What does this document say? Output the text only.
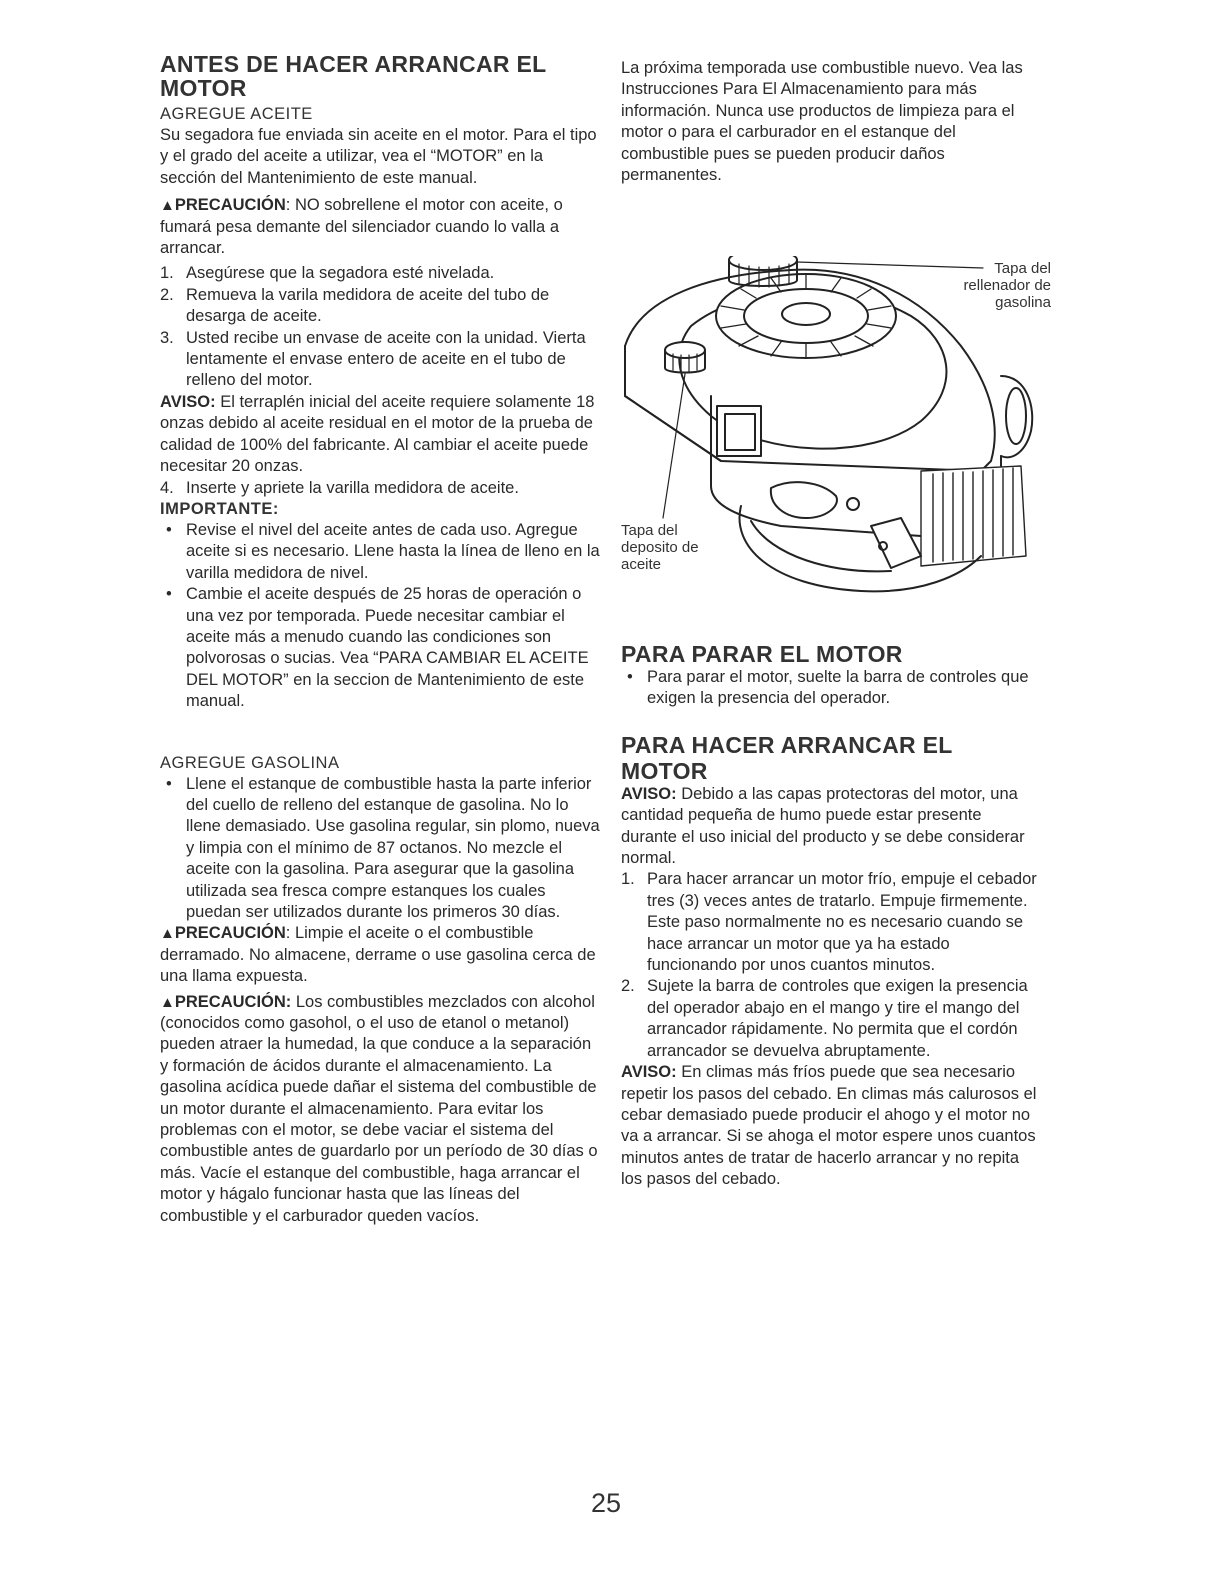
ANTES DE HACER ARRANCAR EL MOTOR
AGREGUE ACEITE

Su segadora fue enviada sin aceite en el motor. Para el tipo y el grado del aceite a utilizar, vea el “MOTOR” en la sección del Mantenimiento de este manual.

▲PRECAUCIÓN: NO sobrellene el motor con aceite, o fumará pesa demante del silenciador cuando lo valla a arrancar.

1. Asegúrese que la segadora esté nivelada.
2. Remueva la varila medidora de aceite del tubo de desarga de aceite.
3. Usted recibe un envase de aceite con la unidad. Vierta lentamente el envase entero de aceite en el tubo de relleno del motor.

AVISO: El terraplén inicial del aceite requiere solamente 18 onzas debido al aceite residual en el motor de la prueba de calidad de 100% del fabricante. Al cambiar el aceite puede necesitar 20 onzas.

4. Inserte y apriete la varilla medidora de aceite.
IMPORTANTE:
• Revise el nivel del aceite antes de cada uso. Agregue aceite si es necesario. Llene hasta la línea de lleno en la varilla medidora de nivel.
• Cambie el aceite después de 25 horas de operación o una vez por temporada. Puede necesitar cambiar el aceite más a menudo cuando las condiciones son polvorosas o sucias. Vea “PARA CAMBIAR EL ACEITE DEL MOTOR” en la seccion de Mantenimiento de este manual.
AGREGUE GASOLINA
• Llene el estanque de combustible hasta la parte inferior del cuello de relleno del estanque de gasolina. No lo llene demasiado. Use gasolina regular, sin plomo, nueva y limpia con el mínimo de 87 octanos. No mezcle el aceite con la gasolina. Para asegurar que la gasolina utilizada sea fresca compre estanques los cuales puedan ser utilizados durante los primeros 30 días.

▲PRECAUCIÓN: Limpie el aceite o el combustible derramado. No almacene, derrame o use gasolina cerca de una llama expuesta.

▲PRECAUCIÓN: Los combustibles mezclados con alcohol (conocidos como gasohol, o el uso de etanol o metanol) pueden atraer la humedad, la que conduce a la separación y formación de ácidos durante el almacenamiento. La gasolina acídica puede dañar el sistema del combustible de un motor durante el almacenamiento. Para evitar los problemas con el motor, se debe vaciar el sistema del combustible antes de guardarlo por un período de 30 días o más. Vacíe el estanque del combustible, haga arrancar el motor y hágalo funcionar hasta que las líneas del combustible y el carburador queden vacíos.

La próxima temporada use combustible nuevo. Vea las Instrucciones Para El Almacenamiento para más información. Nunca use productos de limpieza para el motor o para el carburador en el estanque del combustible pues se pueden producir daños permanentes.

Tapa del rellenador de gasolina
Tapa del deposito de aceite
PARA PARAR EL MOTOR
• Para parar el motor, suelte la barra de controles que exigen la presencia del operador.
PARA HACER ARRANCAR EL MOTOR

AVISO: Debido a las capas protectoras del motor, una cantidad pequeña de humo puede estar presente durante el uso inicial del producto y se debe considerar normal.

1. Para hacer arrancar un motor frío, empuje el cebador tres (3) veces antes de tratarlo. Empuje firmemente. Este paso normalmente no es necesario cuando se hace arrancar un motor que ya ha estado funcionando por unos cuantos minutos.
2. Sujete la barra de controles que exigen la presencia del operador abajo en el mango y tire el mango del arrancador rápidamente. No permita que el cordón arrancador se devuelva abruptamente.

AVISO: En climas más fríos puede que sea necesario repetir los pasos del cebado. En climas más calurosos el cebar demasiado puede producir el ahogo y el motor no va a arrancar. Si se ahoga el motor espere unos cuantos minutos antes de tratar de hacerlo arrancar y no repita los pasos del cebado.

25
